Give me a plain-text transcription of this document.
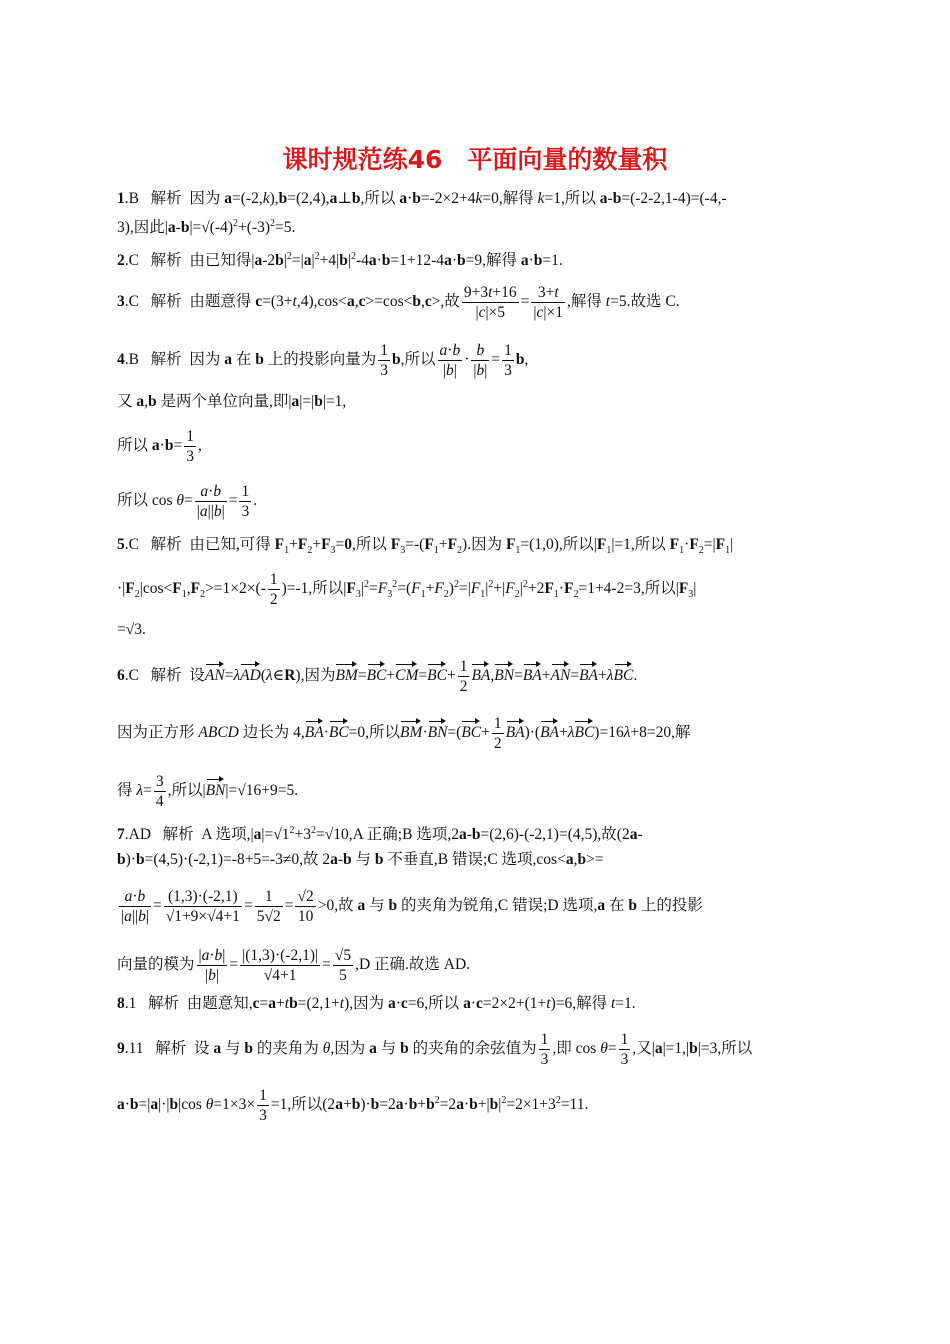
课时规范练46　平面向量的数量积
1.B 解析  因为 a=(-2,k),b=(2,4),a⊥b,所以 a·b=-2×2+4k=0,解得 k=1,所以 a-b=(-2-2,1-4)=(-4,-
3),因此$|a-b|=√(-4)^2+(-3)^2=5$.
2.C 解析  由已知得$|a-2b|^2=|a|^2+4|b|^2-4a\cdot b=1+12-4a\cdot b=9$,解得 a·b=1.
3.C 解析  由题意得 c=(3+t,4),cos<a,c>=cos<b,c>,故 $\frac{9+3t+16}{|c|\times 5} = \frac{3+t}{|c|\times 1}$ ,解得 t=5.故选 C.
4.B 解析  因为 a 在 b 上的投影向量为 $\frac{1}{3} b$,所以 $\frac{a\cdot b}{|b|} \cdot \frac{b}{|b|} = \frac{1}{3} b$,
又 a,b 是两个单位向量,即|a|=|b|=1,
所以 $a\cdot b= \frac{1}{3}$ ,
所以 $\cos \theta= \frac{a\cdot b}{|a||b|} = \frac{1}{3}$ .
5.C 解析  由已知,可得 $F_1+F_2+F_3=0$,所以 $F_3=-(F_1+F_2)$.因为 $F_1=(1,0)$,所以$|F_1|=1$,所以 $F_1\cdot F_2=|F_1|$
$\cdot|F_2|\cos<F_1,F_2>=1\times 2\times(- \frac{1}{2} )=-1$,所以$|F_3|^2=F_3^2=(F_1+F_2)^2=|F_1|^2+|F_2|^2+2F_1\cdot F_2=1+4-2=3$,所以$|F_3|$
=√3.
6.C 解析  设AN=λAD(λ∈R),因为$BM=BC+CM=BC+ \frac{1}{2} BA,BN=BA+AN=BA+\lambda BC$.
因为正方形 ABCD 边长为 4,BA·BC=0,所以$BM\cdot BN=(BC+ \frac{1}{2} BA)\cdot(BA+\lambda BC)=16\lambda+8=20$,解
得 $\lambda= \frac{3}{4}$ ,所以|BN|=√16+9=5.
7.AD 解析  A 选项$,|a|=√1^2+3^2=√10,A$ 正确;B 选项,2a-b=(2,6)-(-2,1)=(4,5),故(2a-
b)·b=(4,5)·(-2,1)=-8+5=-3≠0,故 2a-b 与 b 不垂直,B 错误;C 选项,cos<a,b>=
$\frac{a\cdot b}{|a||b|} = \frac{(1,3)\cdot(-2,1)}{√1+9\times√4+1} = \frac{1}{5√2} = \frac{√2}{10} >0$,故 a 与 b 的夹角为锐角,C 错误;D 选项,a 在 b 上的投影
向量的模为 $\frac{|a\cdot b|}{|b|} = \frac{|(1,3)\cdot(-2,1)|}{√4+1} = \frac{√5}{5} ,D$ 正确.故选 AD.
8.1 解析  由题意知,c=a+tb=(2,1+t),因为 a·c=6,所以 a·c=2×2+(1+t)=6,解得 t=1.
9.11 解析  设 a 与 b 的夹角为 θ,因为 a 与 b 的夹角的余弦值为 $\frac{1}{3}$ ,即 $\cos \theta= \frac{1}{3}$ ,又|a|=1,|b|=3,所以
a·b=|a|·|b|cos $\theta=1\times 3\times \frac{1}{3} =1$,所以$(2a+b)\cdot b=2a\cdot b+b^2=2a\cdot b+|b|^2=2\times 1+3^2=11$.
